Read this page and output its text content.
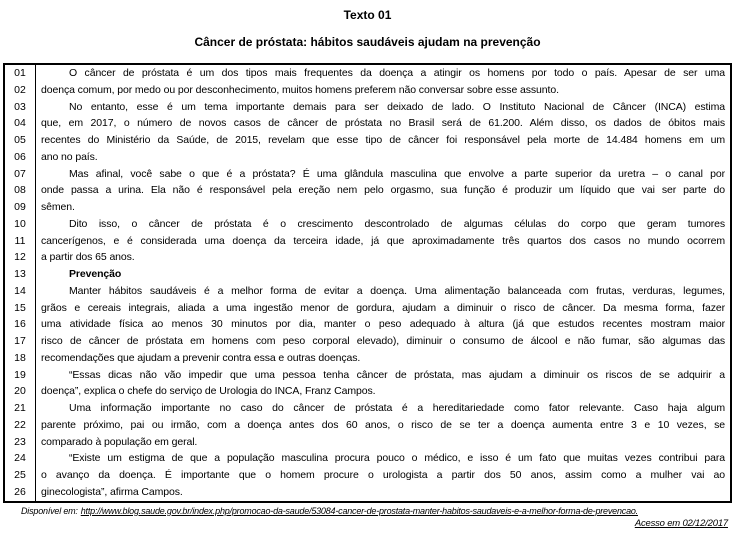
Texto 01
Câncer de próstata: hábitos saudáveis ajudam na prevenção
01	O câncer de próstata é um dos tipos mais frequentes da doença a atingir os homens por todo o país. Apesar de ser uma
02	doença comum, por medo ou por desconhecimento, muitos homens preferem não conversar sobre esse assunto.
03	No entanto, esse é um tema importante demais para ser deixado de lado. O Instituto Nacional de Câncer (INCA) estima
04	que, em 2017, o número de novos casos de câncer de próstata no Brasil será de 61.200. Além disso, os dados de óbitos mais
05	recentes do Ministério da Saúde, de 2015, revelam que esse tipo de câncer foi responsável pela morte de 14.484 homens em um
06	ano no país.
07	Mas afinal, você sabe o que é a próstata? É uma glândula masculina que envolve a parte superior da uretra – o canal por
08	onde passa a urina. Ela não é responsável pela ereção nem pelo orgasmo, sua função é produzir um líquido que vai ser parte do
09	sêmen.
10	Dito isso, o câncer de próstata é o crescimento descontrolado de algumas células do corpo que geram tumores
11	cancerígenos, e é considerada uma doença da terceira idade, já que aproximadamente três quartos dos casos no mundo ocorrem
12	a partir dos 65 anos.
13	Prevenção
14	Manter hábitos saudáveis é a melhor forma de evitar a doença. Uma alimentação balanceada com frutas, verduras, legumes,
15	grãos e cereais integrais, aliada a uma ingestão menor de gordura, ajudam a diminuir o risco de câncer. Da mesma forma, fazer
16	uma atividade física ao menos 30 minutos por dia, manter o peso adequado à altura (já que estudos recentes mostram maior
17	risco de câncer de próstata em homens com peso corporal elevado), diminuir o consumo de álcool e não fumar, são algumas das
18	recomendações que ajudam a prevenir contra essa e outras doenças.
19	“Essas dicas não vão impedir que uma pessoa tenha câncer de próstata, mas ajudam a diminuir os riscos de se adquirir a
20	doença”, explica o chefe do serviço de Urologia do INCA, Franz Campos.
21	Uma informação importante no caso do câncer de próstata é a hereditariedade como fator relevante. Caso haja algum
22	parente próximo, pai ou irmão, com a doença antes dos 60 anos, o risco de se ter a doença aumenta entre 3 e 10 vezes, se
23	comparado à população em geral.
24	“Existe um estigma de que a população masculina procura pouco o médico, e isso é um fato que muitas vezes contribui para
25	o avanço da doença. É importante que o homem procure o urologista a partir dos 50 anos, assim como a mulher vai ao
26	ginecologista”, afirma Campos.
Disponível em: http://www.blog.saude.gov.br/index.php/promocao-da-saude/53084-cancer-de-prostata-manter-habitos-saudaveis-e-a-melhor-forma-de-prevencao.
Acesso em 02/12/2017
